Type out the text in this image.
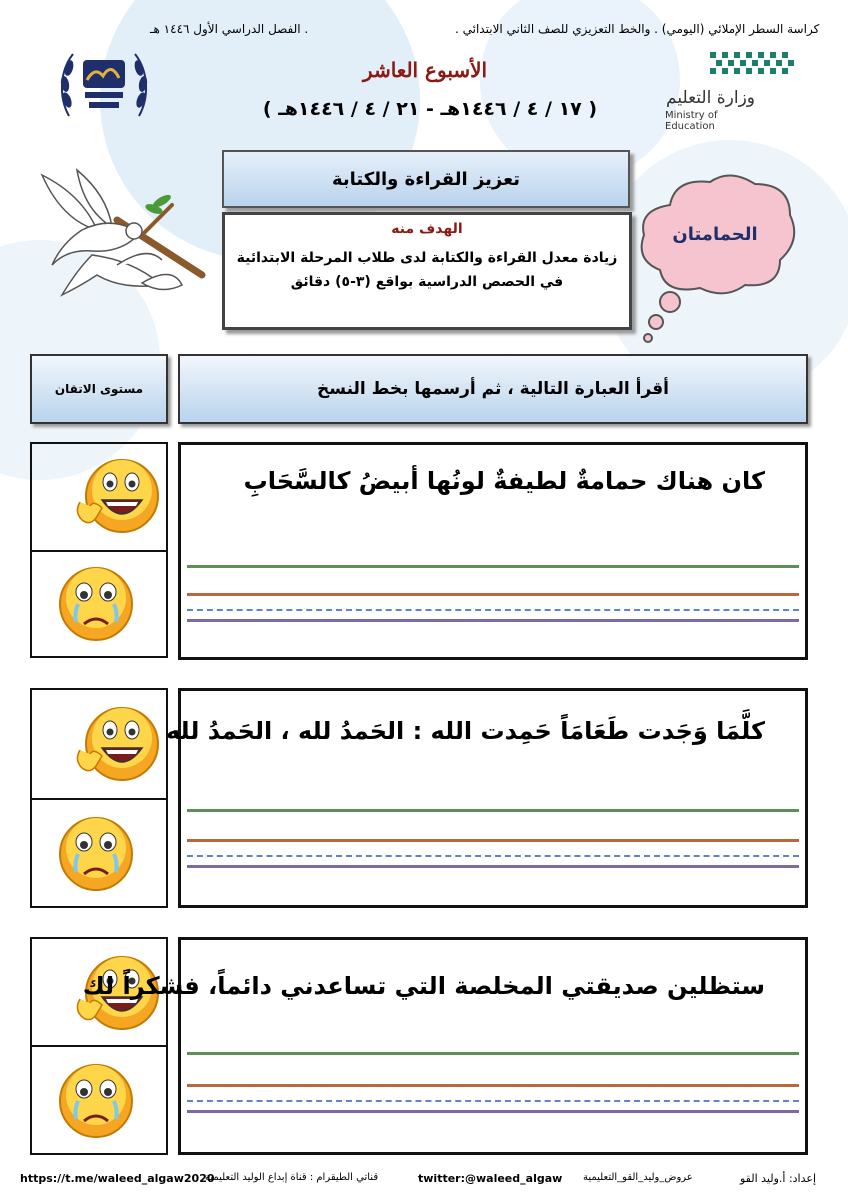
. الفصل الدراسي الأول ١٤٤٦ هـ	كراسة السطر الإملائي (اليومي) . والخط التعزيزي للصف الثاني الابتدائي .
وزارة التعليم
Ministry of Education
الأسبوع العاشر
( ١٧ / ٤ / ١٤٤٦هـ - ٢١ / ٤ / ١٤٤٦هـ )
الحمامتان
تعزيز القراءة والكتابة
الهدف منه
زيادة معدل القراءة والكتابة لدى طلاب المرحلة الابتدائية
في الحصص الدراسية بواقع (٣-٥) دقائق
مستوى الاتقان	أقرأ العبارة التالية ، ثم أرسمها بخط النسخ
كان هناك حمامةٌ لطيفةٌ لونُها أبيضُ كالسَّحَابِ
كلَّمَا وَجَدت طَعَامَاً حَمِدت الله : الحَمدُ لله ، الحَمدُ لله
ستظلين صديقتي المخلصة التي تساعدني دائماً، فشكراً لك
https://t.me/waleed_algaw2020
قناتي الطيقرام : قناة إبداع الوليد التعليمية	twitter:@waleed_algaw عروض_وليد_القو_التعليمية	إعداد: أ.وليد القو
